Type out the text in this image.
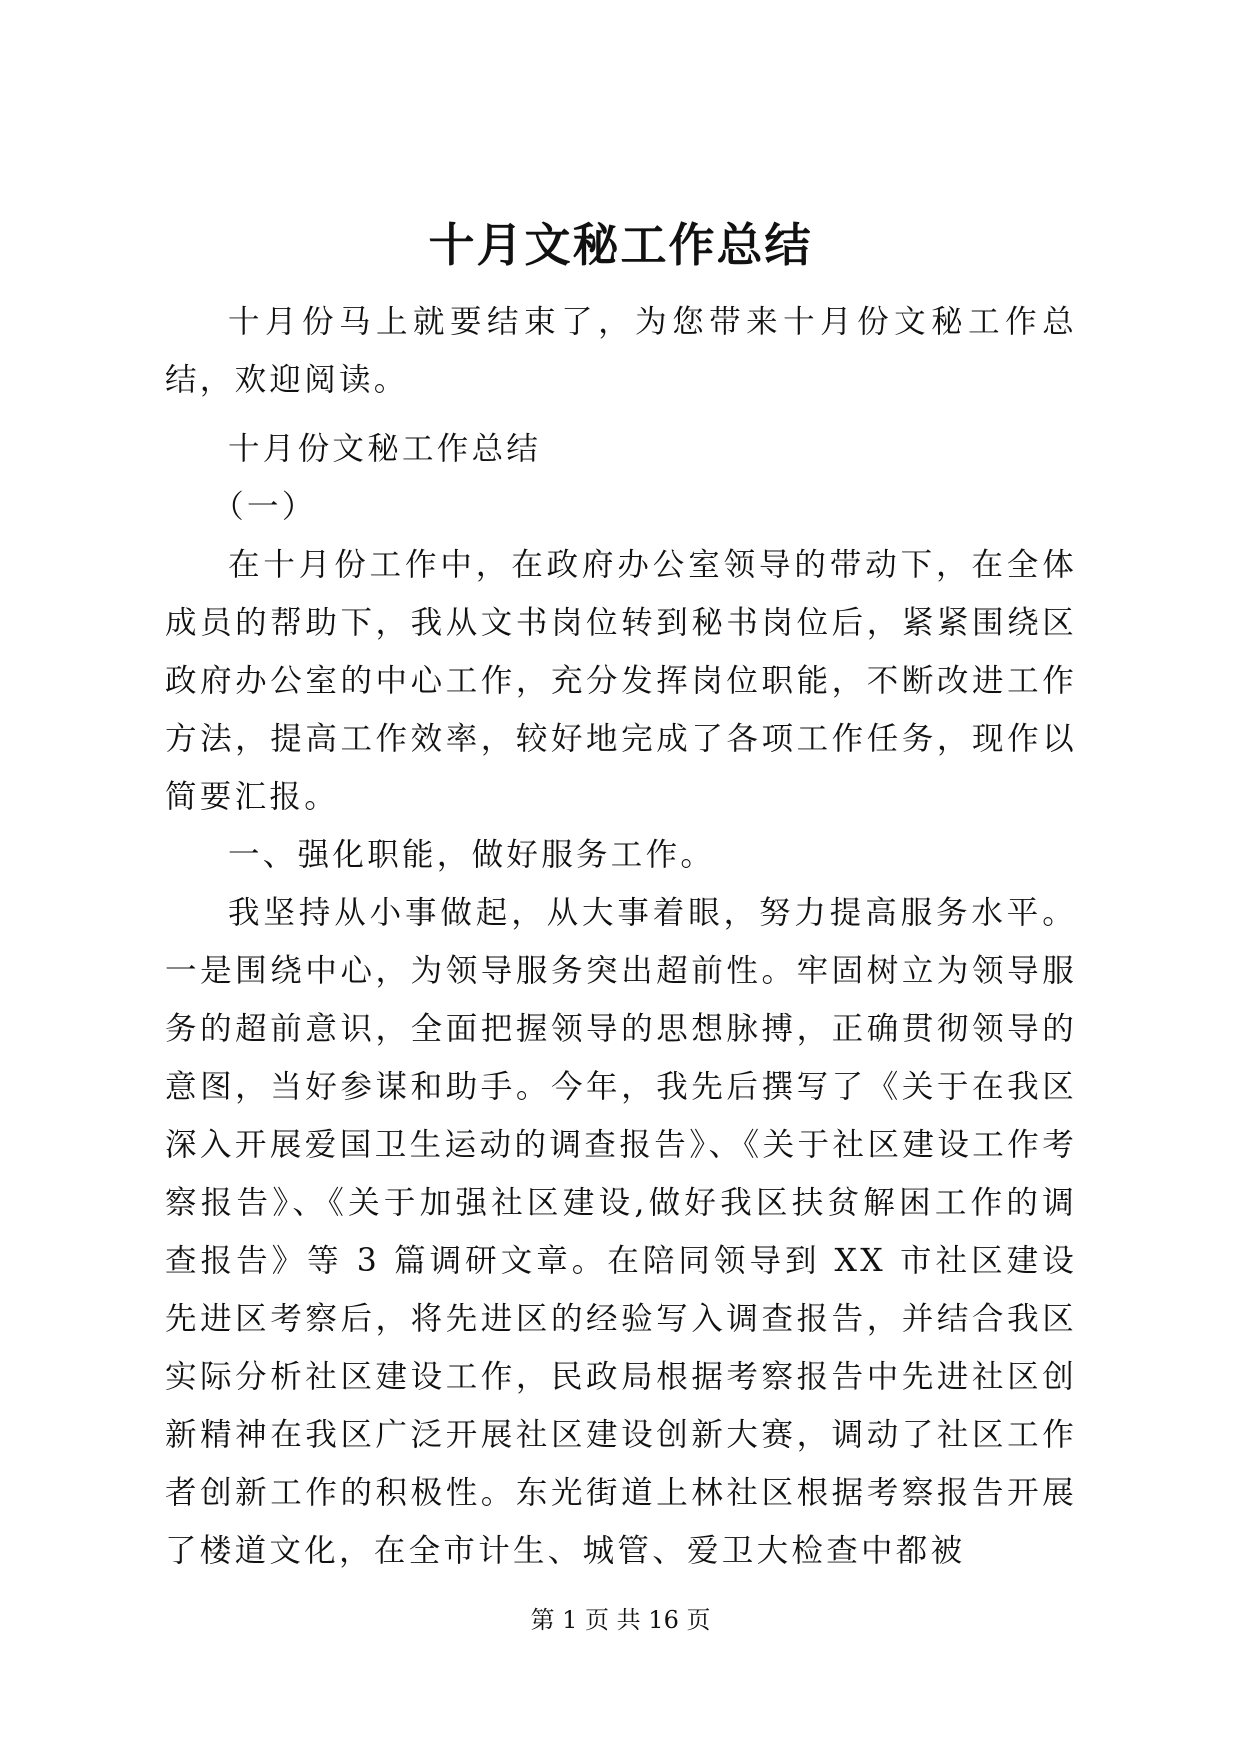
十月文秘工作总结

十月份马上就要结束了，为您带来十月份文秘工作总结，欢迎阅读。

十月份文秘工作总结

（一）

在十月份工作中，在政府办公室领导的带动下，在全体成员的帮助下，我从文书岗位转到秘书岗位后，紧紧围绕区政府办公室的中心工作，充分发挥岗位职能，不断改进工作方法，提高工作效率，较好地完成了各项工作任务，现作以简要汇报。

一、强化职能，做好服务工作。

我坚持从小事做起，从大事着眼，努力提高服务水平。一是围绕中心，为领导服务突出超前性。牢固树立为领导服务的超前意识，全面把握领导的思想脉搏，正确贯彻领导的意图，当好参谋和助手。今年，我先后撰写了《关于在我区深入开展爱国卫生运动的调查报告》、《关于社区建设工作考察报告》、《关于加强社区建设,做好我区扶贫解困工作的调查报告》等 3 篇调研文章。在陪同领导到 XX 市社区建设先进区考察后，将先进区的经验写入调查报告，并结合我区实际分析社区建设工作，民政局根据考察报告中先进社区创新精神在我区广泛开展社区建设创新大赛，调动了社区工作者创新工作的积极性。东光街道上林社区根据考察报告开展了楼道文化，在全市计生、城管、爱卫大检查中都被

第 1 页 共 16 页
